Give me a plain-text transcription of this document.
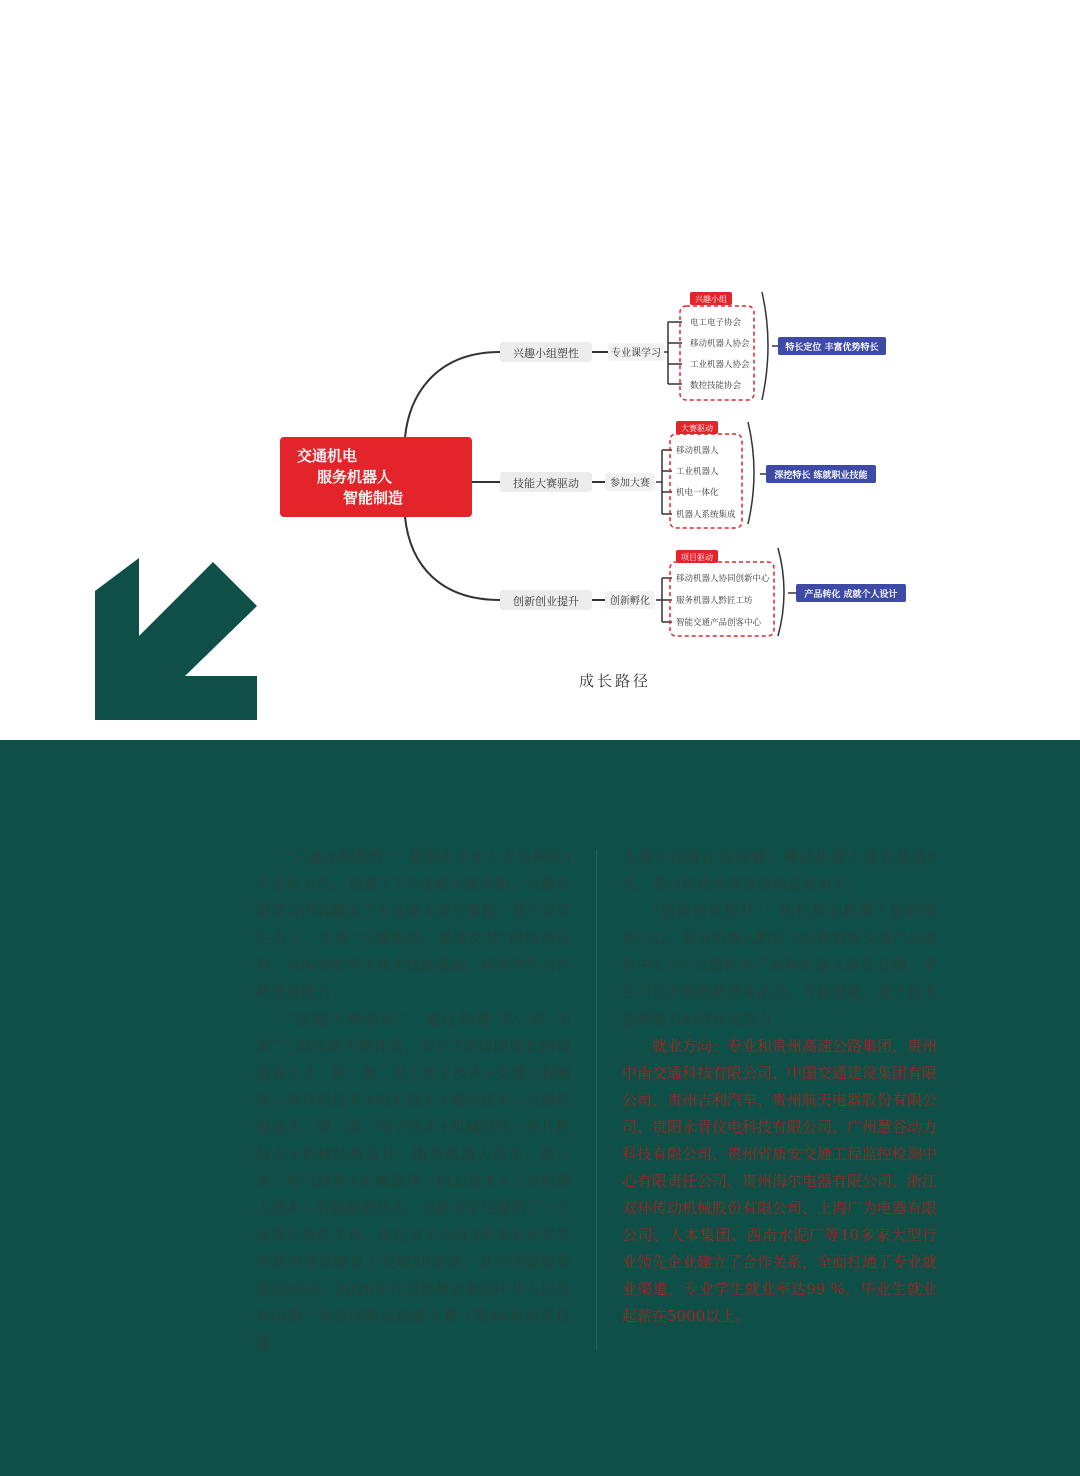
交通机电
服务机器人
智能制造
兴趣小组塑性	专业课学习
兴趣小组
电工电子协会
移动机器人协会
工业机器人协会
数控技能协会
特长定位 丰富优势特长
技能大赛驱动	参加大赛
大赛驱动
移动机器人
工业机器人
机电一体化
机器人系统集成
深挖特长 练就职业技能
创新创业提升	创新孵化
项目驱动
移动机器人协同创新中心
服务机器人黔匠工坊
智能交通产品创客中心
产品转化 成就个人设计
成长路径

“兴趣小组塑性”：根据本专业人才培养的3个定位方向，设置了7个技能兴趣小组，兴趣小组学习内容覆盖了专业绝大部分课程，基于以学生为主，实施“兴趣驱动、递进交替”的培养过程，从而夯实学生技术技能基础，培养学生可持续发展能力；

“技能大赛驱动”：通过构建“校–省–国家”三级技能大赛体系，专注3条技能成长路线培养人才：第一条：电工电子技术+交通工程制图—单片机技术+PLC技术+通信技术—交通机电技术；第二条：电子技术+机械原理—单片机技术+机械结构设计—服务机器人技术；第三条：电气技术+机械原理—PLC技术+工业机器人技术—智能制造技术，以此为学生提供了一个展现自我的平台。依托该平台近3年本专业学生共获得省部级以上奖项50余项，其中国家级奖项20余项，2020年代表贵州省参加中华人民共和国第一届全国职业技能大赛（第46届世界技能

大赛中国赛区选拔赛）移动机器人项目获第6名，是目前贵州省该领域最高水平；

“创新创业提升”：依托移动机器人协同创新中心、服务机器人黔匠工坊和智能交通产品创客中心3个交通机电产品和机器人研发基地，学生可以开展创新创业活动，开拓思维，提升技术创新能力和就业竞争力

就业方向：专业和贵州高速公路集团、贵州中南交通科技有限公司、中国交通建设集团有限公司、贵州吉利汽车、贵州航天电器股份有限公司、贵阳永青仪电科技有限公司、广州慧谷动力科技有限公司、贵州省质安交通工程监控检测中心有限责任公司、贵州海尔电器有限公司、浙江双环传动机械股份有限公司、上海广为电器有限公司、人本集团、西南水泥厂等10多家大型行业领先企业建立了合作关系，全面打通了专业就业渠道，专业学生就业率达99 %，毕业生就业起薪在5000以上。
